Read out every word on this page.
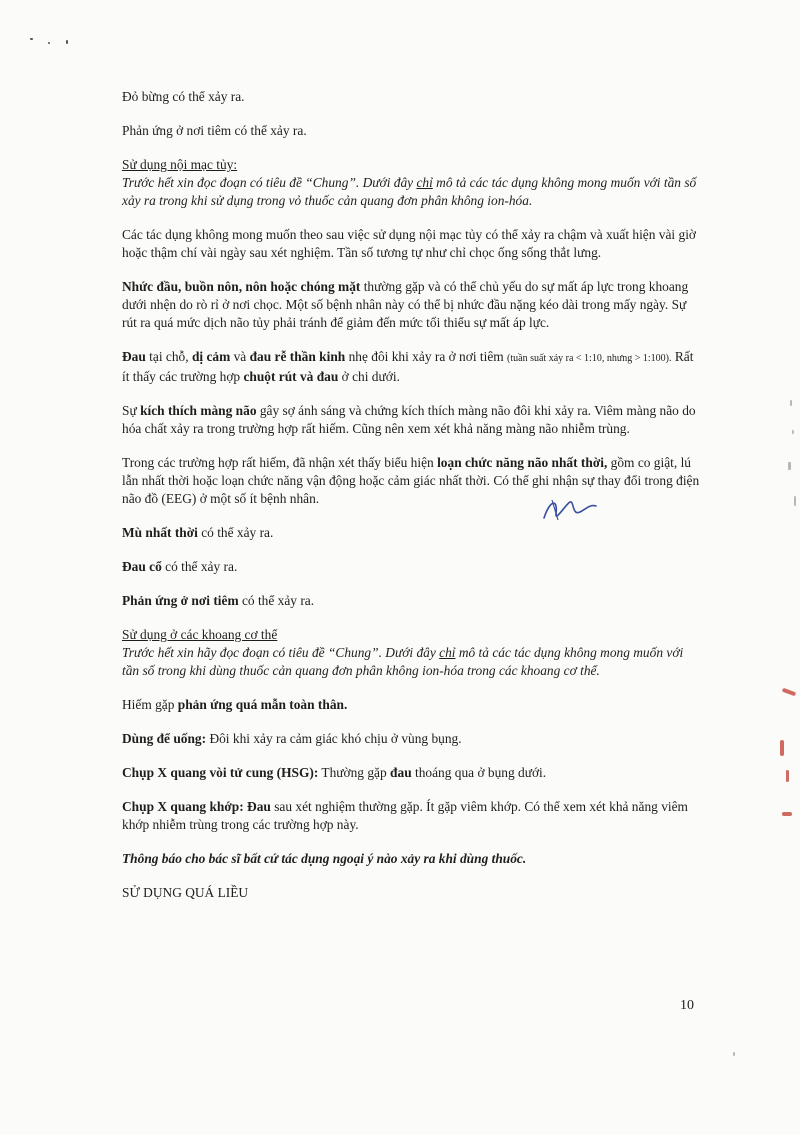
Đỏ bừng có thể xảy ra.

Phản ứng ở nơi tiêm có thể xảy ra.

Sử dụng nội mạc tủy:

Trước hết xin đọc đoạn có tiêu đề “Chung”. Dưới đây chỉ mô tả các tác dụng không mong muốn với tần số xảy ra trong khi sử dụng trong vỏ thuốc cản quang đơn phân không ion-hóa.

Các tác dụng không mong muốn theo sau việc sử dụng nội mạc tủy có thể xảy ra chậm và xuất hiện vài giờ hoặc thậm chí vài ngày sau xét nghiệm. Tần số tương tự như chỉ chọc ống sống thắt lưng.

Nhức đầu, buồn nôn, nôn hoặc chóng mặt thường gặp và có thể chủ yếu do sự mất áp lực trong khoang dưới nhện do rò rỉ ở nơi chọc. Một số bệnh nhân này có thể bị nhức đầu nặng kéo dài trong mấy ngày. Sự rút ra quá mức dịch não tủy phải tránh để giảm đến mức tối thiểu sự mất áp lực.

Đau tại chỗ, dị cảm và đau rễ thần kinh nhẹ đôi khi xảy ra ở nơi tiêm (tuần suất xảy ra < 1:10, nhưng > 1:100). Rất ít thấy các trường hợp chuột rút và đau ở chi dưới.

Sự kích thích màng não gây sợ ánh sáng và chứng kích thích màng não đôi khi xảy ra. Viêm màng não do hóa chất xảy ra trong trường hợp rất hiếm. Cũng nên xem xét khả năng màng não nhiễm trùng.

Trong các trường hợp rất hiếm, đã nhận xét thấy biểu hiện loạn chức năng não nhất thời, gồm co giật, lú lẫn nhất thời hoặc loạn chức năng vận động hoặc cảm giác nhất thời. Có thể ghi nhận sự thay đổi trong điện não đồ (EEG) ở một số ít bệnh nhân.

Mù nhất thời có thể xảy ra.

Đau cổ có thể xảy ra.

Phản ứng ở nơi tiêm có thể xảy ra.

Sử dụng ở các khoang cơ thể

Trước hết xin hãy đọc đoạn có tiêu đề “Chung”. Dưới đây chỉ mô tả các tác dụng không mong muốn với tần số trong khi dùng thuốc cản quang đơn phân không ion-hóa trong các khoang cơ thể.

Hiếm gặp phản ứng quá mẫn toàn thân.

Dùng để uống: Đôi khi xảy ra cảm giác khó chịu ở vùng bụng.

Chụp X quang vòi tử cung (HSG): Thường gặp đau thoáng qua ở bụng dưới.

Chụp X quang khớp: Đau sau xét nghiệm thường gặp. Ít gặp viêm khớp. Có thể xem xét khả năng viêm khớp nhiễm trùng trong các trường hợp này.

Thông báo cho bác sĩ bất cứ tác dụng ngoại ý nào xảy ra khi dùng thuốc.

SỬ DỤNG QUÁ LIỀU

10
